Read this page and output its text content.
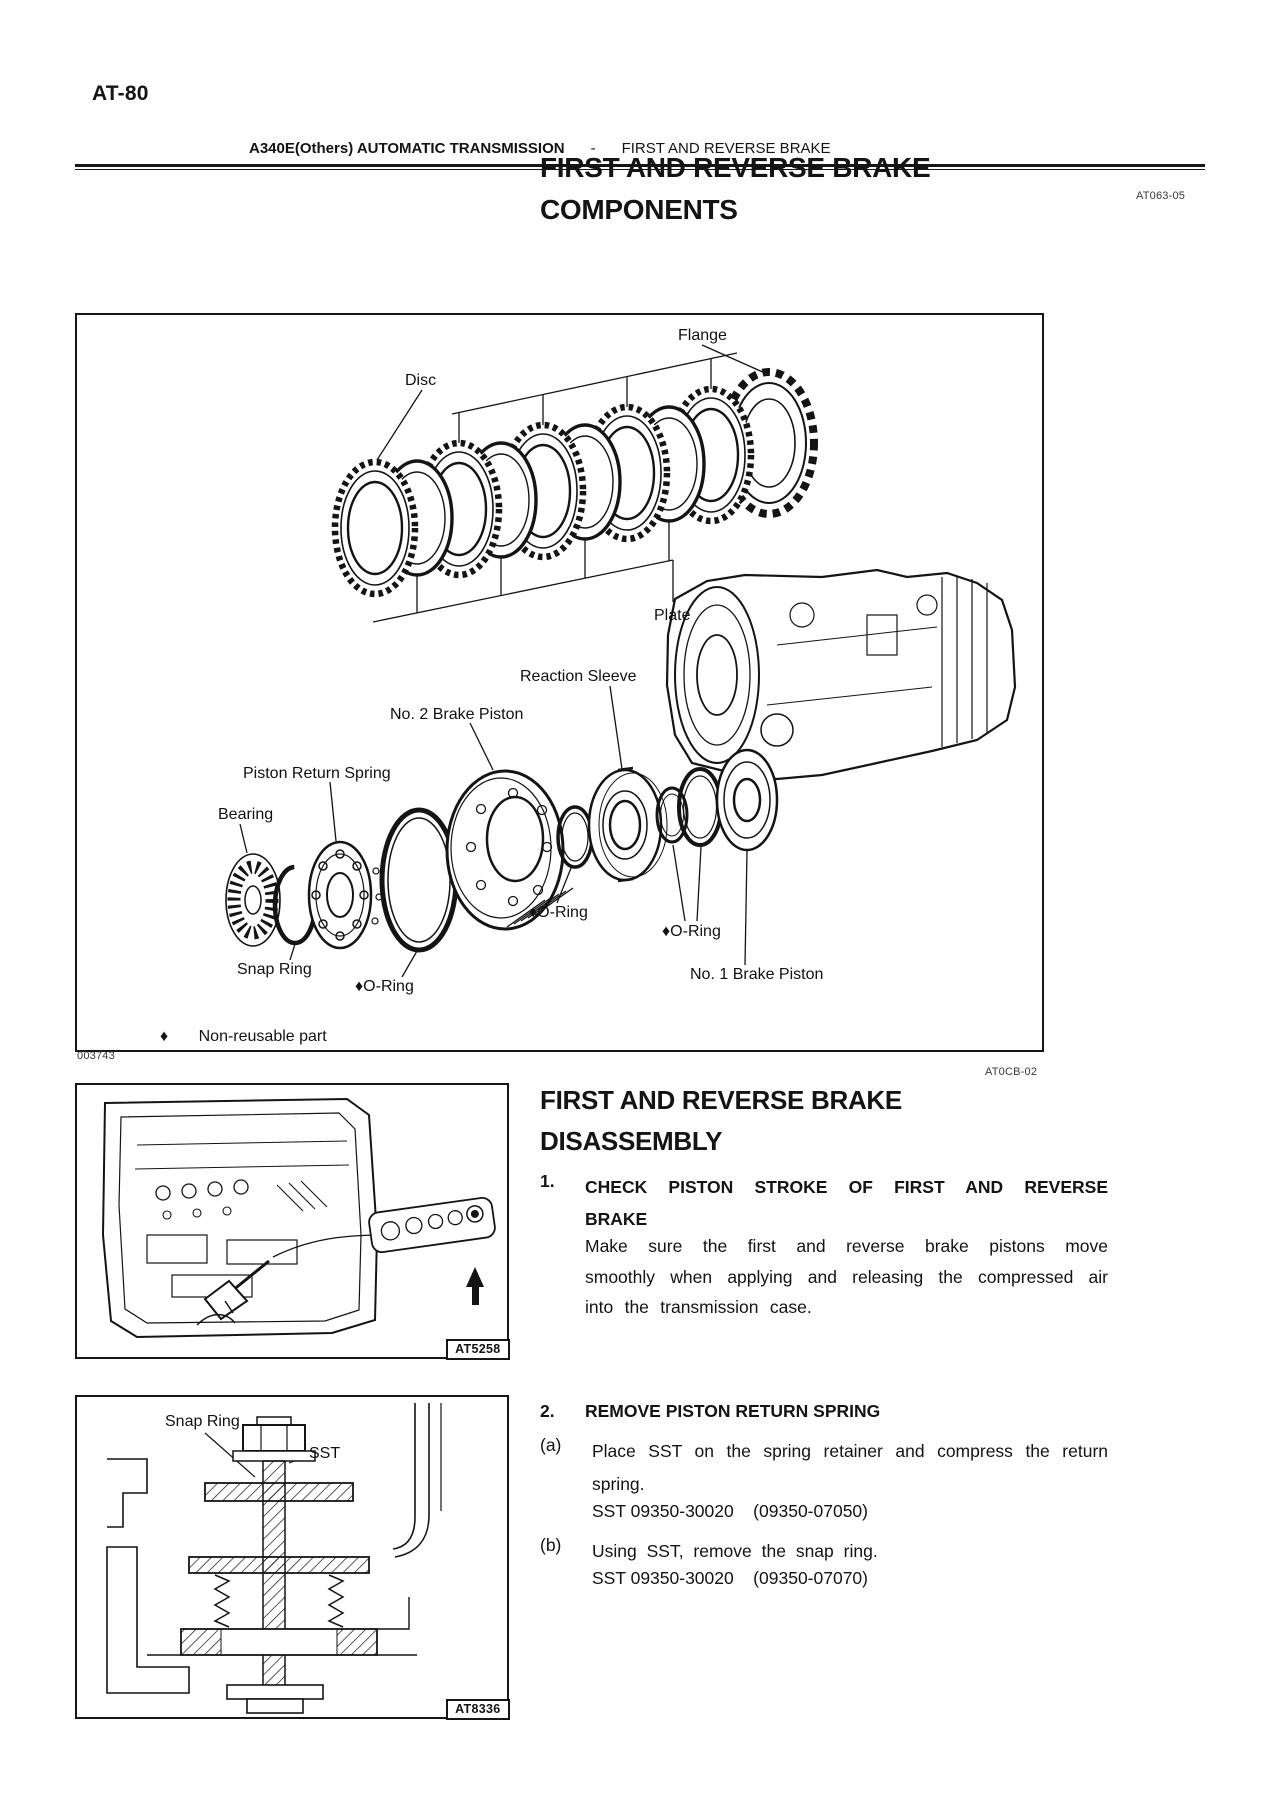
AT-80
A340E(Others) AUTOMATIC TRANSMISSION - FIRST AND REVERSE BRAKE
FIRST AND REVERSE BRAKE
COMPONENTS	AT063-05
Flange
Disc
Plate
Reaction Sleeve
No. 2 Brake Piston
Piston Return Spring
Bearing
♦O-Ring
♦O-Ring
Snap Ring
♦O-Ring
No. 1 Brake Piston
♦ Non-reusable part
003743
AT0CB-02
FIRST AND REVERSE BRAKE
DISASSEMBLY
AT5258
1. CHECK PISTON STROKE OF FIRST AND REVERSE BRAKE
Make sure the first and reverse brake pistons move smoothly when applying and releasing the compressed air into the transmission case.
Snap Ring
SST
AT8336
2. REMOVE PISTON RETURN SPRING
(a) Place SST on the spring retainer and compress the return spring.
SST 09350-30020    (09350-07050)
(b) Using SST, remove the snap ring.
SST 09350-30020    (09350-07070)
